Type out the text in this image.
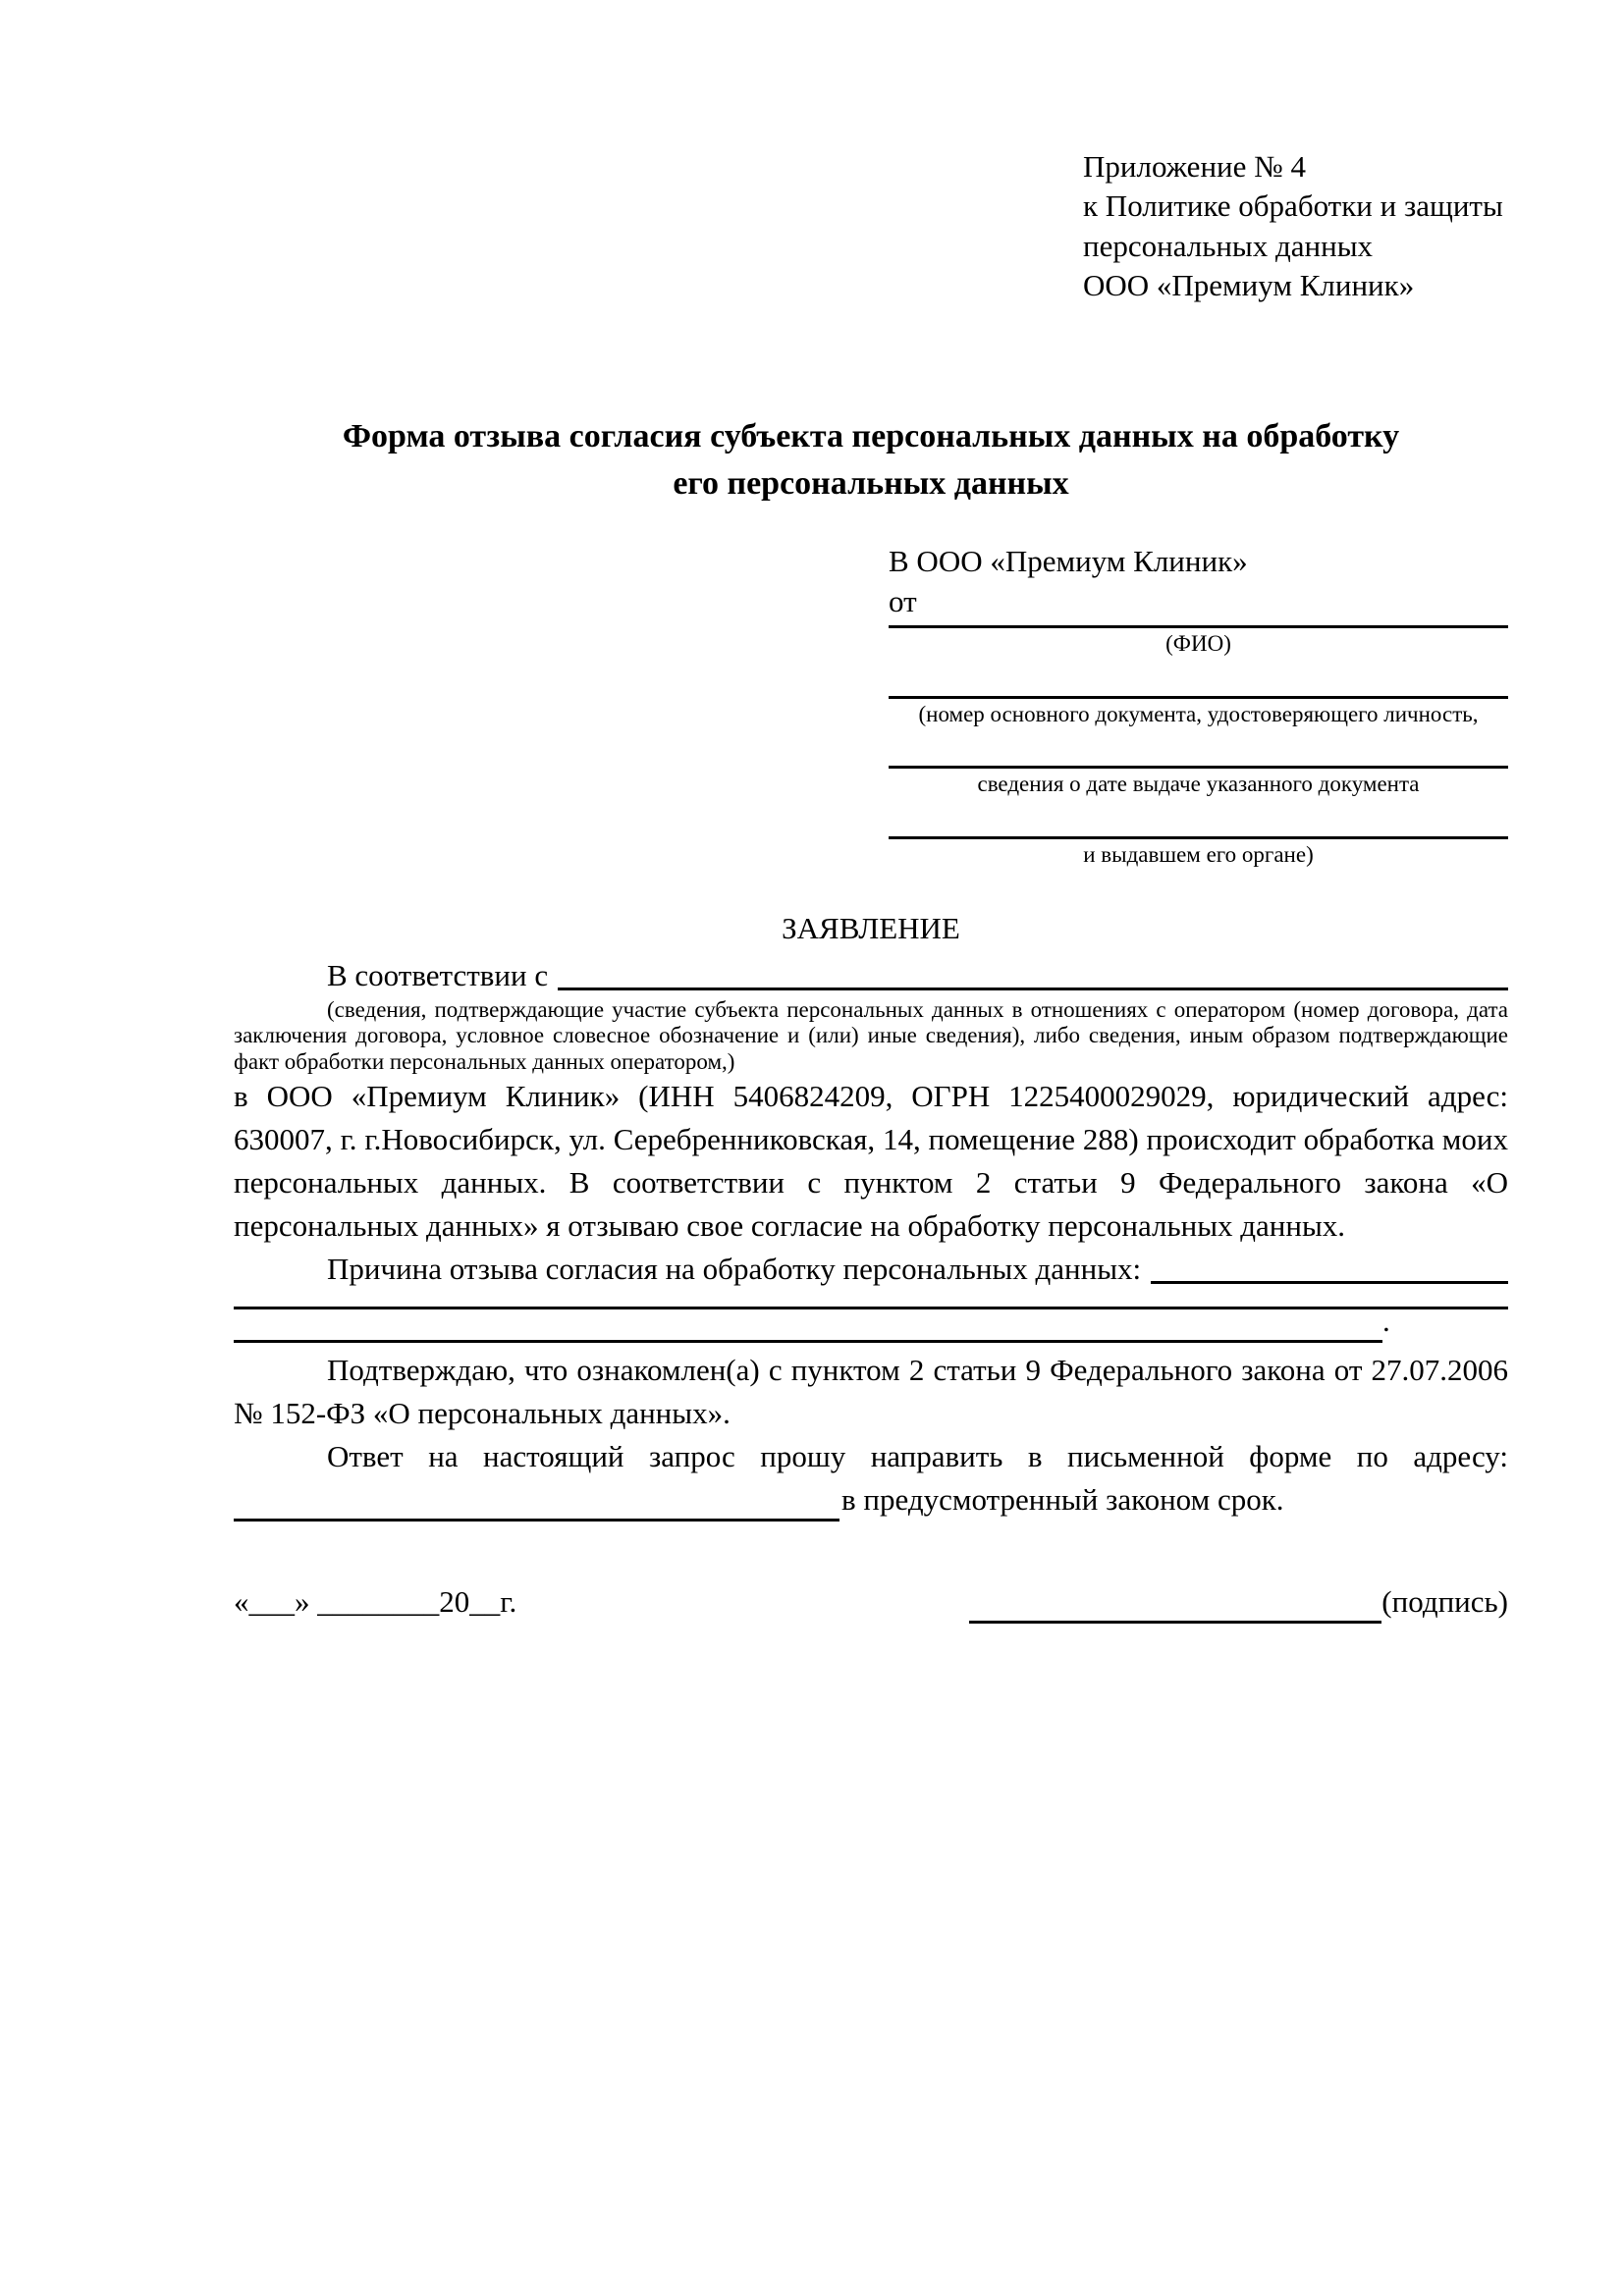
Приложение № 4
к Политике обработки и защиты
персональных данных
ООО «Премиум Клиник»
Форма отзыва согласия субъекта персональных данных на обработку
его персональных данных
В ООО «Премиум Клиник»
от
(ФИО)
(номер основного документа, удостоверяющего личность,
сведения о дате выдаче указанного документа
и выдавшем его органе)
ЗАЯВЛЕНИЕ
В соответствии с
(сведения, подтверждающие участие субъекта персональных данных в отношениях с оператором (номер договора, дата заключения договора, условное словесное обозначение и (или) иные сведения), либо сведения, иным образом подтверждающие факт обработки персональных данных оператором,)
в ООО «Премиум Клиник» (ИНН 5406824209, ОГРН 1225400029029, юридический адрес: 630007, г. г.Новосибирск, ул. Серебренниковская, 14, помещение 288) происходит обработка моих персональных данных. В соответствии с пунктом 2 статьи 9 Федерального закона «О персональных данных» я отзываю свое согласие на обработку персональных данных.
Причина отзыва согласия на обработку персональных данных:
.
Подтверждаю, что ознакомлен(а) с пунктом 2 статьи 9 Федерального закона от 27.07.2006 № 152-ФЗ «О персональных данных».
Ответ на настоящий запрос прошу направить в письменной форме по адресу:
в предусмотренный законом срок.
«___» ________20__г.	(подпись)
